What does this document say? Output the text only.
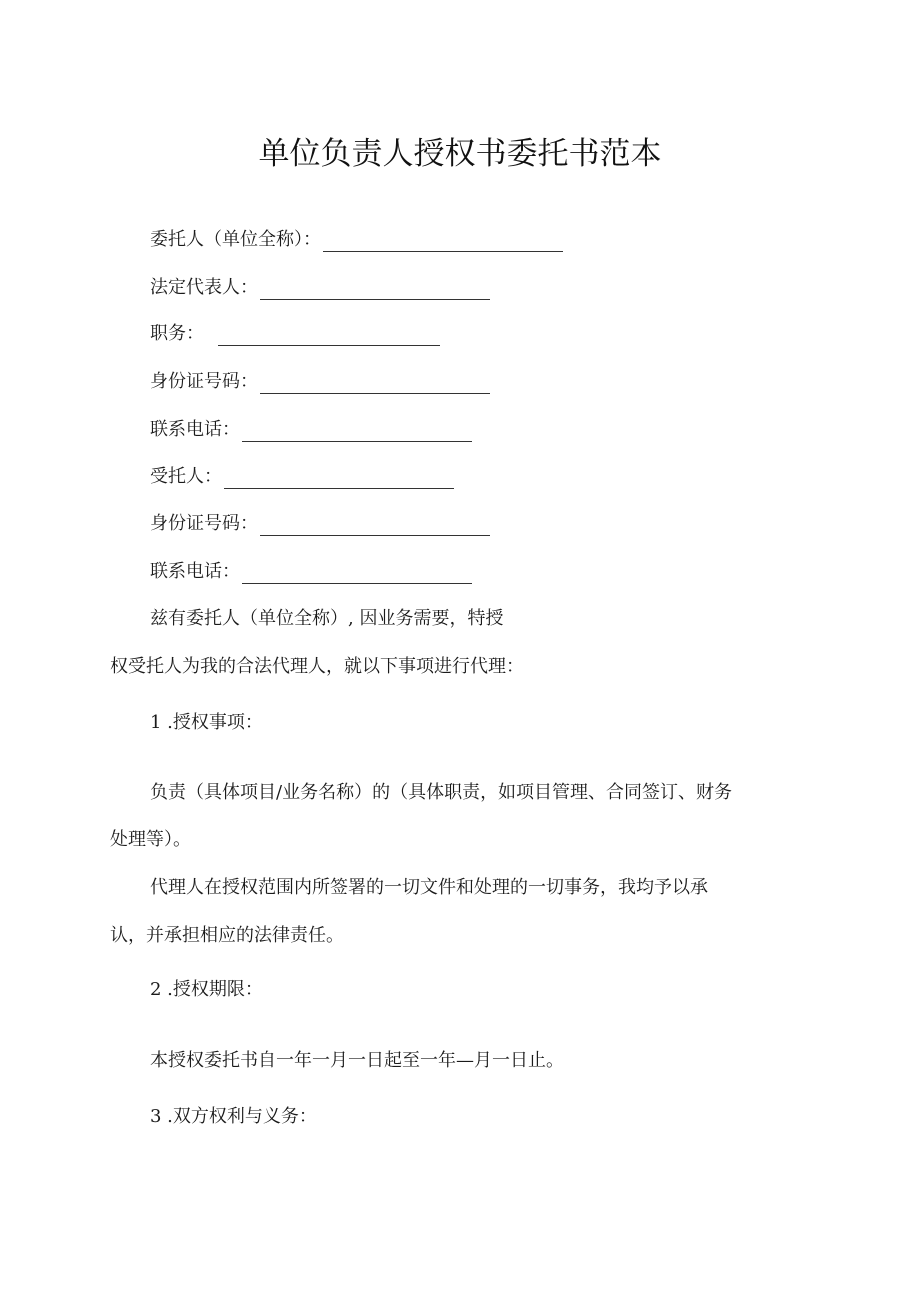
单位负责人授权书委托书范本
委托人（单位全称）：
法定代表人：
职务：
身份证号码：
联系电话：
受托人：
身份证号码：
联系电话：
兹有委托人（单位全称）, 因业务需要，特授
权受托人为我的合法代理人，就以下事项进行代理：
1 .授权事项：
负责（具体项目/业务名称）的（具体职责，如项目管理、合同签订、财务
处理等）。
代理人在授权范围内所签署的一切文件和处理的一切事务，我均予以承
认，并承担相应的法律责任。
2 .授权期限：
本授权委托书自一年一月一日起至一年—月一日止。
3 .双方权利与义务：
